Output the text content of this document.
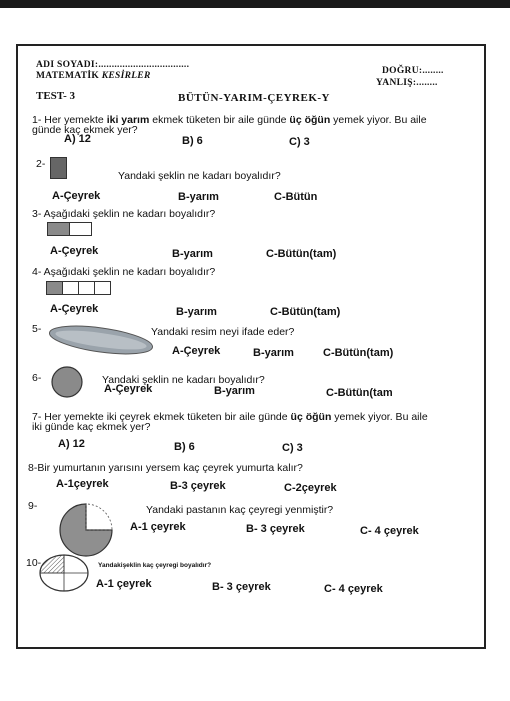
ADI SOYADI:..................................
MATEMATİK KESİRLER	DOĞRU:........
YANLIŞ:........
TEST- 3	BÜTÜN-YARIM-ÇEYREK-Y
1- Her yemekte iki yarım ekmek tüketen bir aile günde üç öğün yemek yiyor. Bu aile
günde kaç ekmek yer?
A) 12	B) 6	C) 3
2-
Yandaki şeklin ne kadarı boyalıdır?
A-Çeyrek	B-yarım	C-Bütün
3- Aşağıdaki şeklin ne kadarı boyalıdır?
A-Çeyrek	B-yarım	C-Bütün(tam)
4- Aşağıdaki şeklin ne kadarı boyalıdır?
A-Çeyrek	B-yarım	C-Bütün(tam)
5-	Yandaki resim neyi ifade eder?
A-Çeyrek	B-yarım	C-Bütün(tam)
6-	Yandaki şeklin ne kadarı boyalıdır?
A-Çeyrek	B-yarım	C-Bütün(tam
7- Her yemekte iki çeyrek ekmek tüketen bir aile günde üç öğün yemek yiyor. Bu aile
iki günde kaç ekmek yer?
A) 12	B) 6	C) 3
8-Bir yumurtanın yarısını yersem kaç çeyrek yumurta kalır?
A-1çeyrek	B-3 çeyrek	C-2çeyrek
9-	Yandaki pastanın kaç çeyregi yenmiştir?
A-1 çeyrek	B- 3 çeyrek	C- 4 çeyrek
10-	Yandakişeklin kaç çeyregi boyalıdır?
A-1 çeyrek	B- 3 çeyrek	C- 4 çeyrek
